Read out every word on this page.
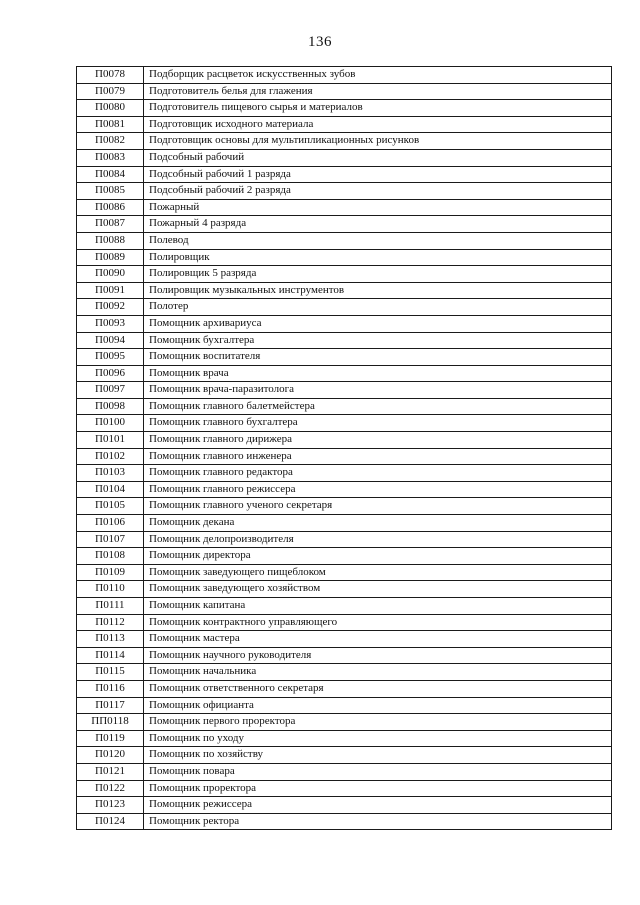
136
П0078	Подборщик расцветок искусственных зубов
П0079	Подготовитель белья для глажения
П0080	Подготовитель пищевого сырья и материалов
П0081	Подготовщик исходного материала
П0082	Подготовщик основы для мультипликационных рисунков
П0083	Подсобный рабочий
П0084	Подсобный рабочий 1 разряда
П0085	Подсобный рабочий 2 разряда
П0086	Пожарный
П0087	Пожарный 4 разряда
П0088	Полевод
П0089	Полировщик
П0090	Полировщик 5 разряда
П0091	Полировщик музыкальных инструментов
П0092	Полотер
П0093	Помощник архивариуса
П0094	Помощник бухгалтера
П0095	Помощник воспитателя
П0096	Помощник врача
П0097	Помощник врача-паразитолога
П0098	Помощник главного балетмейстера
П0100	Помощник главного бухгалтера
П0101	Помощник главного дирижера
П0102	Помощник главного инженера
П0103	Помощник главного редактора
П0104	Помощник главного режиссера
П0105	Помощник главного ученого секретаря
П0106	Помощник декана
П0107	Помощник делопроизводителя
П0108	Помощник директора
П0109	Помощник заведующего пищеблоком
П0110	Помощник заведующего хозяйством
П0111	Помощник капитана
П0112	Помощник контрактного управляющего
П0113	Помощник мастера
П0114	Помощник научного руководителя
П0115	Помощник начальника
П0116	Помощник ответственного секретаря
П0117	Помощник официанта
ПП0118	Помощник первого проректора
П0119	Помощник по уходу
П0120	Помощник по хозяйству
П0121	Помощник повара
П0122	Помощник проректора
П0123	Помощник режиссера
П0124	Помощник ректора
